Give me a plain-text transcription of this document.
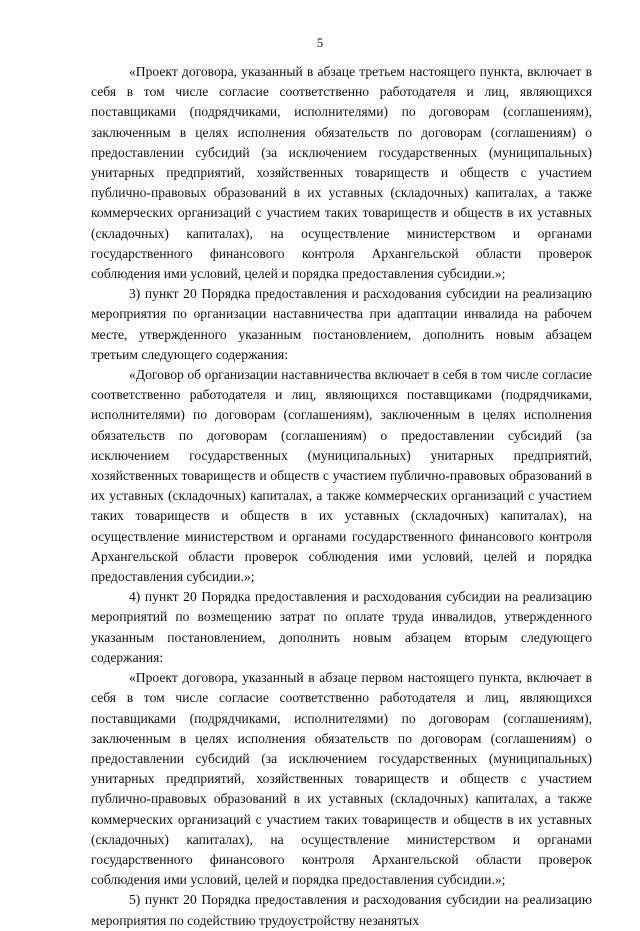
5

«Проект договора, указанный в абзаце третьем настоящего пункта, включает в себя в том числе согласие соответственно работодателя и лиц, являющихся поставщиками (подрядчиками, исполнителями) по договорам (соглашениям), заключенным в целях исполнения обязательств по договорам (соглашениям) о предоставлении субсидий (за исключением государственных (муниципальных) унитарных предприятий, хозяйственных товариществ и обществ с участием публично-правовых образований в их уставных (складочных) капиталах, а также коммерческих организаций с участием таких товариществ и обществ в их уставных (складочных) капиталах), на осуществление министерством и органами государственного финансового контроля Архангельской области проверок соблюдения ими условий, целей и порядка предоставления субсидии.»;

3) пункт 20 Порядка предоставления и расходования субсидии на реализацию мероприятия по организации наставничества при адаптации инвалида на рабочем месте, утвержденного указанным постановлением, дополнить новым абзацем третьим следующего содержания:

«Договор об организации наставничества включает в себя в том числе согласие соответственно работодателя и лиц, являющихся поставщиками (подрядчиками, исполнителями) по договорам (соглашениям), заключенным в целях исполнения обязательств по договорам (соглашениям) о предоставлении субсидий (за исключением государственных (муниципальных) унитарных предприятий, хозяйственных товариществ и обществ с участием публично-правовых образований в их уставных (складочных) капиталах, а также коммерческих организаций с участием таких товариществ и обществ в их уставных (складочных) капиталах), на осуществление министерством и органами государственного финансового контроля Архангельской области проверок соблюдения ими условий, целей и порядка предоставления субсидии.»;

4) пункт 20 Порядка предоставления и расходования субсидии на реализацию мероприятий по возмещению затрат по оплате труда инвалидов, утвержденного указанным постановлением, дополнить новым абзацем вторым следующего содержания:

«Проект договора, указанный в абзаце первом настоящего пункта, включает в себя в том числе согласие соответственно работодателя и лиц, являющихся поставщиками (подрядчиками, исполнителями) по договорам (соглашениям), заключенным в целях исполнения обязательств по договорам (соглашениям) о предоставлении субсидий (за исключением государственных (муниципальных) унитарных предприятий, хозяйственных товариществ и обществ с участием публично-правовых образований в их уставных (складочных) капиталах, а также коммерческих организаций с участием таких товариществ и обществ в их уставных (складочных) капиталах), на осуществление министерством и органами государственного финансового контроля Архангельской области проверок соблюдения ими условий, целей и порядка предоставления субсидии.»;

5) пункт 20 Порядка предоставления и расходования субсидии на реализацию мероприятия по содействию трудоустройству незанятых
